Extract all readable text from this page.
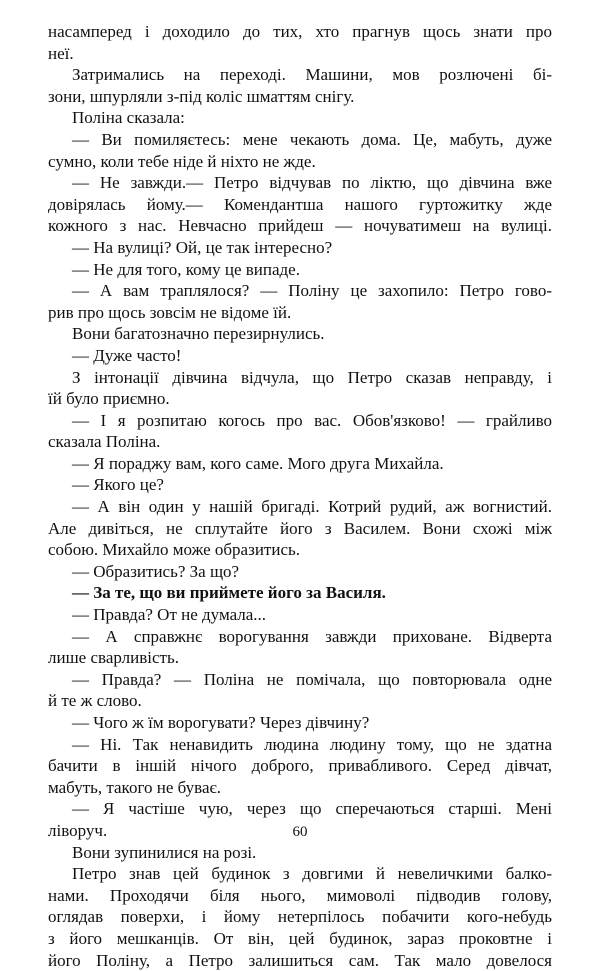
насамперед і доходило до тих, хто прагнув щось знати про
неї.
Затримались на переході. Машини, мов розлючені бі-
зони, шпурляли з-під коліс шматтям снігу.
Поліна сказала:
— Ви помиляєтесь: мене чекають дома. Це, мабуть, дуже
сумно, коли тебе ніде й ніхто не жде.
— Не завжди.— Петро відчував по ліктю, що дівчина вже
довірялась йому.— Комендантша нашого гуртожитку жде
кожного з нас. Невчасно прийдеш — ночуватимеш на вулиці.
— На вулиці? Ой, це так інтересно?
— Не для того, кому це випаде.
— А вам траплялося? — Поліну це захопило: Петро гово-
рив про щось зовсім не відоме їй.
Вони багатозначно перезирнулись.
— Дуже часто!
З інтонації дівчина відчула, що Петро сказав неправду, і
їй було приємно.
— І я розпитаю когось про вас. Обов'язково! — грайливо
сказала Поліна.
— Я пораджу вам, кого саме. Мого друга Михайла.
— Якого це?
— А він один у нашій бригаді. Котрий рудий, аж вогнистий.
Але дивіться, не сплутайте його з Василем. Вони схожі між
собою. Михайло може образитись.
— Образитись? За що?
— За те, що ви приймете його за Василя.
— Правда? От не думала...
— А справжнє ворогування завжди приховане. Відверта
лише сварливість.
— Правда? — Поліна не помічала, що повторювала одне
й те ж слово.
— Чого ж їм ворогувати? Через дівчину?
— Ні. Так ненавидить людина людину тому, що не здатна
бачити в іншій нічого доброго, привабливого. Серед дівчат,
мабуть, такого не буває.
— Я частіше чую, через що сперечаються старші. Мені
ліворуч.
Вони зупинилися на розі.
Петро знав цей будинок з довгими й невеличкими балко-
нами. Проходячи біля нього, мимоволі підводив голову,
оглядав поверхи, і йому нетерпілось побачити кого-небудь
з його мешканців. От він, цей будинок, зараз проковтне і
його Поліну, а Петро залишиться сам. Так мало довелося
60
